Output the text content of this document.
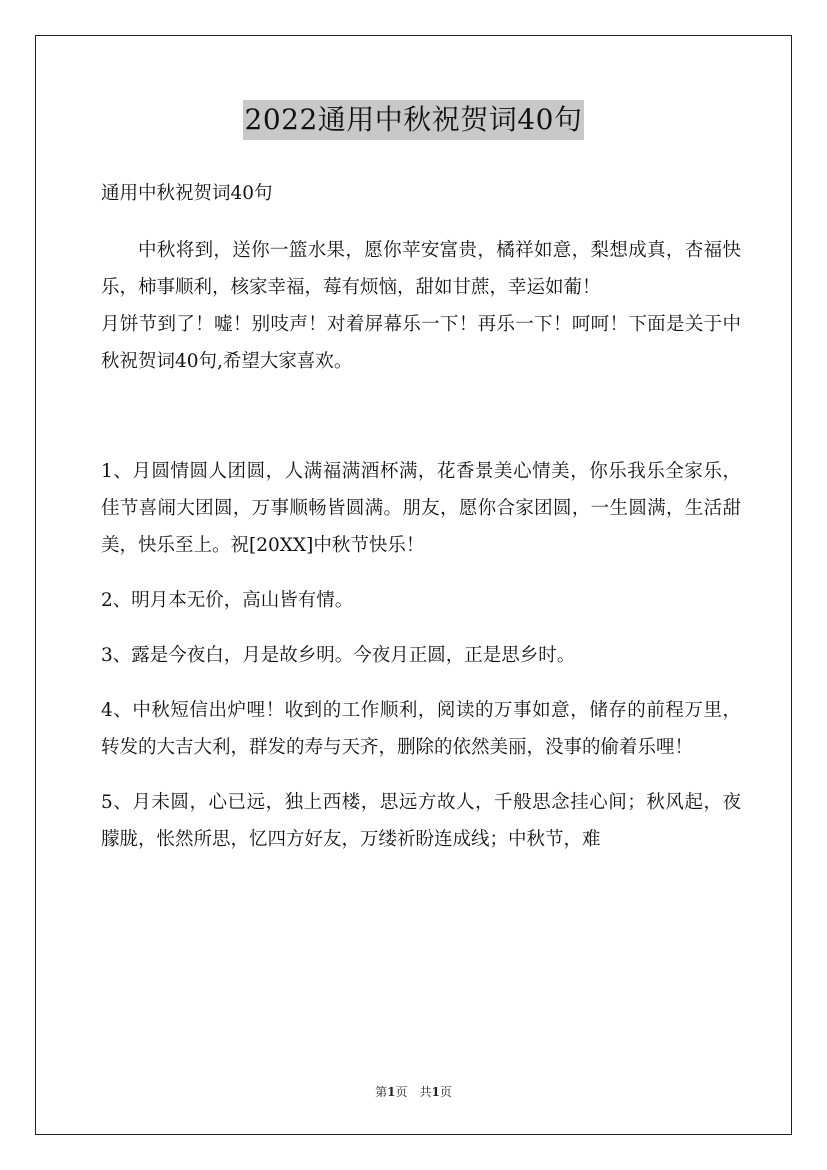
2022通用中秋祝贺词40句

通用中秋祝贺词40句

中秋将到，送你一篮水果，愿你苹安富贵，橘祥如意，梨想成真，杏福快乐，柿事顺利，核家幸福，莓有烦恼，甜如甘蔗，幸运如葡！

月饼节到了！嘘！别吱声！对着屏幕乐一下！再乐一下！呵呵！下面是关于中秋祝贺词40句,希望大家喜欢。

1、月圆情圆人团圆，人满福满酒杯满，花香景美心情美，你乐我乐全家乐，佳节喜闹大团圆，万事顺畅皆圆满。朋友，愿你合家团圆，一生圆满，生活甜美，快乐至上。祝[20XX]中秋节快乐！

2、明月本无价，高山皆有情。

3、露是今夜白，月是故乡明。今夜月正圆，正是思乡时。

4、中秋短信出炉哩！收到的工作顺利，阅读的万事如意，储存的前程万里，转发的大吉大利，群发的寿与天齐，删除的依然美丽，没事的偷着乐哩！

5、月未圆，心已远，独上西楼，思远方故人，千般思念挂心间；秋风起，夜朦胧，怅然所思，忆四方好友，万缕祈盼连成线；中秋节，难

第1页　共1页
